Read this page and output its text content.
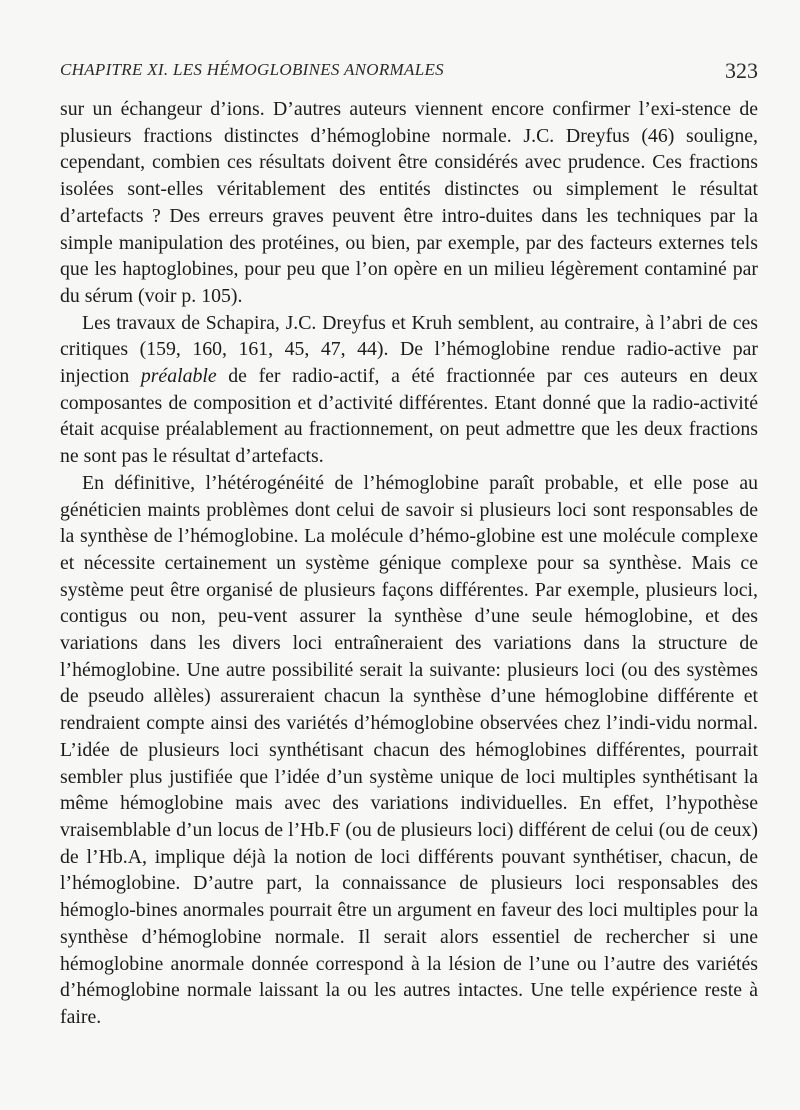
CHAPITRE XI. LES HÉMOGLOBINES ANORMALES	323

sur un échangeur d’ions. D’autres auteurs viennent encore confirmer l’exi-stence de plusieurs fractions distinctes d’hémoglobine normale. J.C. Dreyfus (46) souligne, cependant, combien ces résultats doivent être considérés avec prudence. Ces fractions isolées sont-elles véritablement des entités distinctes ou simplement le résultat d’artefacts ? Des erreurs graves peuvent être intro-duites dans les techniques par la simple manipulation des protéines, ou bien, par exemple, par des facteurs externes tels que les haptoglobines, pour peu que l’on opère en un milieu légèrement contaminé par du sérum (voir p. 105).

Les travaux de Schapira, J.C. Dreyfus et Kruh semblent, au contraire, à l’abri de ces critiques (159, 160, 161, 45, 47, 44). De l’hémoglobine rendue radio-active par injection préalable de fer radio-actif, a été fractionnée par ces auteurs en deux composantes de composition et d’activité différentes. Etant donné que la radio-activité était acquise préalablement au fractionnement, on peut admettre que les deux fractions ne sont pas le résultat d’artefacts.

En définitive, l’hétérogénéité de l’hémoglobine paraît probable, et elle pose au généticien maints problèmes dont celui de savoir si plusieurs loci sont responsables de la synthèse de l’hémoglobine. La molécule d’hémo-globine est une molécule complexe et nécessite certainement un système génique complexe pour sa synthèse. Mais ce système peut être organisé de plusieurs façons différentes. Par exemple, plusieurs loci, contigus ou non, peu-vent assurer la synthèse d’une seule hémoglobine, et des variations dans les divers loci entraîneraient des variations dans la structure de l’hémoglobine. Une autre possibilité serait la suivante: plusieurs loci (ou des systèmes de pseudo allèles) assureraient chacun la synthèse d’une hémoglobine différente et rendraient compte ainsi des variétés d’hémoglobine observées chez l’indi-vidu normal. L’idée de plusieurs loci synthétisant chacun des hémoglobines différentes, pourrait sembler plus justifiée que l’idée d’un système unique de loci multiples synthétisant la même hémoglobine mais avec des variations individuelles. En effet, l’hypothèse vraisemblable d’un locus de l’Hb.F (ou de plusieurs loci) différent de celui (ou de ceux) de l’Hb.A, implique déjà la notion de loci différents pouvant synthétiser, chacun, de l’hémoglobine. D’autre part, la connaissance de plusieurs loci responsables des hémoglo-bines anormales pourrait être un argument en faveur des loci multiples pour la synthèse d’hémoglobine normale. Il serait alors essentiel de rechercher si une hémoglobine anormale donnée correspond à la lésion de l’une ou l’autre des variétés d’hémoglobine normale laissant la ou les autres intactes. Une telle expérience reste à faire.
